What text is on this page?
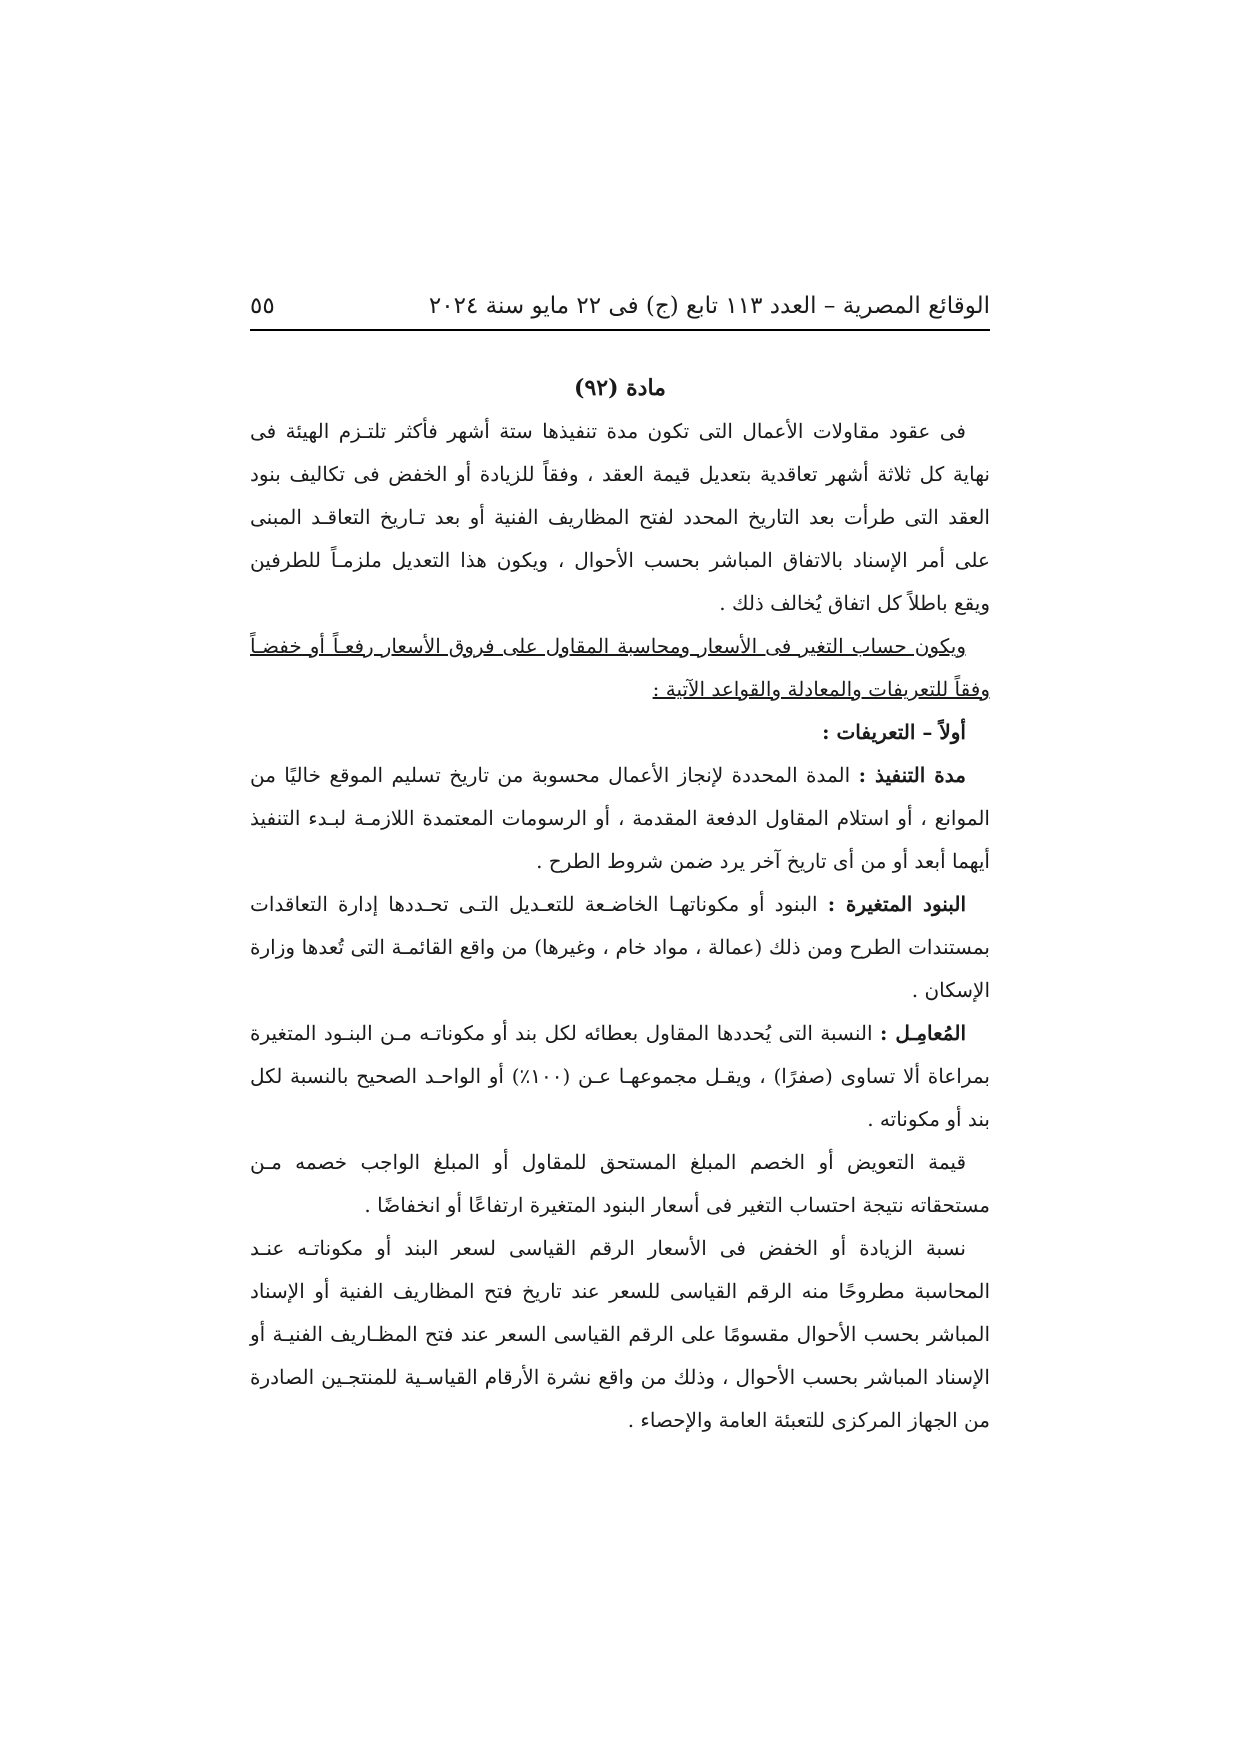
الوقائع المصرية – العدد ١١٣ تابع (ج) فى ٢٢ مايو سنة ٢٠٢٤
٥٥

مادة (٩٢)

فى عقود مقاولات الأعمال التى تكون مدة تنفيذها ستة أشهر فأكثر تلتـزم الهيئة فى نهاية كل ثلاثة أشهر تعاقدية بتعديل قيمة العقد ، وفقاً للزيادة أو الخفض فى تكاليف بنود العقد التى طرأت بعد التاريخ المحدد لفتح المظاريف الفنية أو بعد تـاريخ التعاقـد المبنى على أمر الإسناد بالاتفاق المباشر بحسب الأحوال ، ويكون هذا التعديل ملزمـاً للطرفين ويقع باطلاً كل اتفاق يُخالف ذلك .

ويكون حساب التغير فى الأسعار ومحاسبة المقاول على فروق الأسعار رفعـاً أو خفضـاً وفقاً للتعريفات والمعادلة والقواعد الآتية :

أولاً – التعريفات :

مدة التنفيذ : المدة المحددة لإنجاز الأعمال محسوبة من تاريخ تسليم الموقع خاليًا من الموانع ، أو استلام المقاول الدفعة المقدمة ، أو الرسومات المعتمدة اللازمـة لبـدء التنفيذ أيهما أبعد أو من أى تاريخ آخر يرد ضمن شروط الطرح .

البنود المتغيرة : البنود أو مكوناتهـا الخاضـعة للتعـديل التـى تحـددها إدارة التعاقدات بمستندات الطرح ومن ذلك (عمالة ، مواد خام ، وغيرها) من واقع القائمـة التى تُعدها وزارة الإسكان .

المُعامِـل : النسبة التى يُحددها المقاول بعطائه لكل بند أو مكوناتـه مـن البنـود المتغيرة بمراعاة ألا تساوى (صفرًا) ، ويقـل مجموعهـا عـن (١٠٠٪) أو الواحـد الصحيح بالنسبة لكل بند أو مكوناته .

قيمة التعويض أو الخصم المبلغ المستحق للمقاول أو المبلغ الواجب خصمه مـن مستحقاته نتيجة احتساب التغير فى أسعار البنود المتغيرة ارتفاعًا أو انخفاضًا .

نسبة الزيادة أو الخفض فى الأسعار الرقم القياسى لسعر البند أو مكوناتـه عنـد المحاسبة مطروحًا منه الرقم القياسى للسعر عند تاريخ فتح المظاريف الفنية أو الإسناد المباشر بحسب الأحوال مقسومًا على الرقم القياسى السعر عند فتح المظـاريف الفنيـة أو الإسناد المباشر بحسب الأحوال ، وذلك من واقع نشرة الأرقام القياسـية للمنتجـين الصادرة من الجهاز المركزى للتعبئة العامة والإحصاء .
